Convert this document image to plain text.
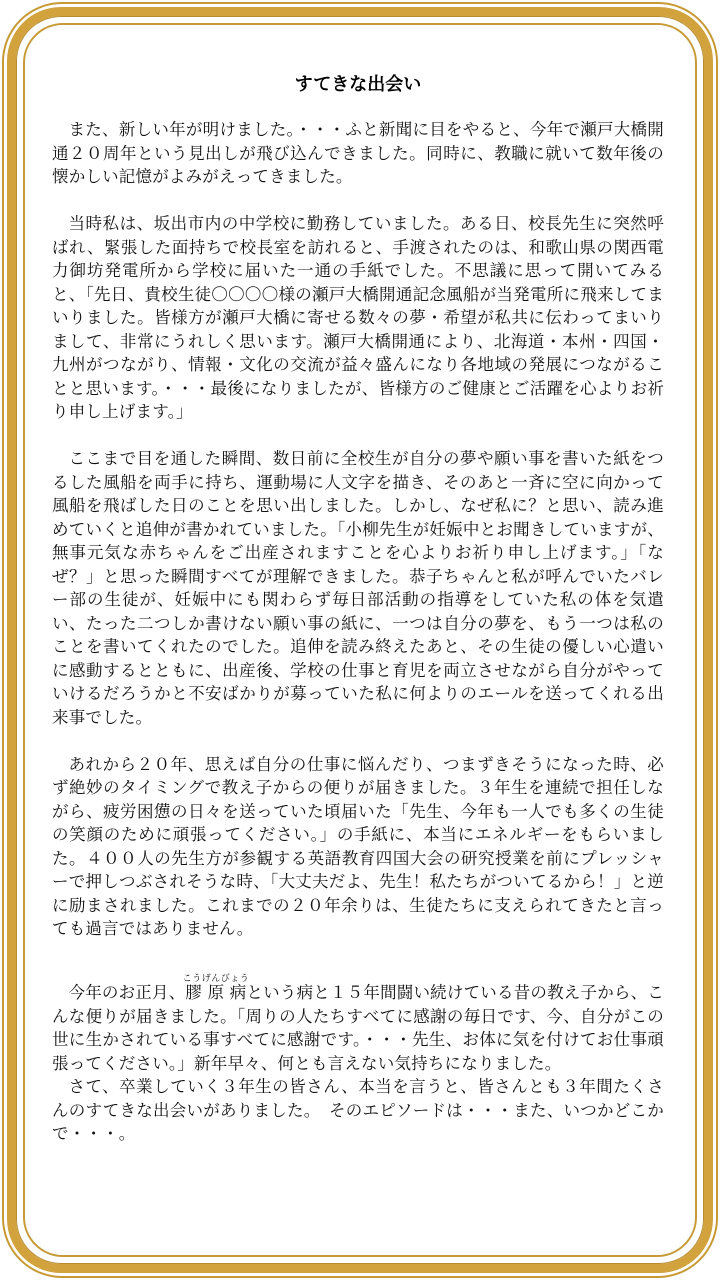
すてきな出会い

また、新しい年が明けました。・・・ふと新聞に目をやると、今年で瀬戸大橋開通２０周年という見出しが飛び込んできました。同時に、教職に就いて数年後の懐かしい記憶がよみがえってきました。

当時私は、坂出市内の中学校に勤務していました。ある日、校長先生に突然呼ばれ、緊張した面持ちで校長室を訪れると、手渡されたのは、和歌山県の関西電力御坊発電所から学校に届いた一通の手紙でした。不思議に思って開いてみると、「先日、貴校生徒〇〇〇〇様の瀬戸大橋開通記念風船が当発電所に飛来してまいりました。皆様方が瀬戸大橋に寄せる数々の夢・希望が私共に伝わってまいりまして、非常にうれしく思います。瀬戸大橋開通により、北海道・本州・四国・九州がつながり、情報・文化の交流が益々盛んになり各地域の発展につながることと思います。・・・最後になりましたが、皆様方のご健康とご活躍を心よりお祈り申し上げます。」

ここまで目を通した瞬間、数日前に全校生が自分の夢や願い事を書いた紙をつるした風船を両手に持ち、運動場に人文字を描き、そのあと一斉に空に向かって風船を飛ばした日のことを思い出しました。しかし、なぜ私に？と思い、読み進めていくと追伸が書かれていました。「小柳先生が妊娠中とお聞きしていますが、無事元気な赤ちゃんをご出産されますことを心よりお祈り申し上げます。」「なぜ？」と思った瞬間すべてが理解できました。恭子ちゃんと私が呼んでいたバレー部の生徒が、妊娠中にも関わらず毎日部活動の指導をしていた私の体を気遣い、たった二つしか書けない願い事の紙に、一つは自分の夢を、もう一つは私のことを書いてくれたのでした。追伸を読み終えたあと、その生徒の優しい心遣いに感動するとともに、出産後、学校の仕事と育児を両立させながら自分がやっていけるだろうかと不安ばかりが募っていた私に何よりのエールを送ってくれる出来事でした。

あれから２０年、思えば自分の仕事に悩んだり、つまずきそうになった時、必ず絶妙のタイミングで教え子からの便りが届きました。３年生を連続で担任しながら、疲労困憊の日々を送っていた頃届いた「先生、今年も一人でも多くの生徒の笑顔のために頑張ってください。」の手紙に、本当にエネルギーをもらいました。４００人の先生方が参観する英語教育四国大会の研究授業を前にプレッシャーで押しつぶされそうな時、「大丈夫だよ、先生！私たちがついてるから！」と逆に励まされました。これまでの２０年余りは、生徒たちに支えられてきたと言っても過言ではありません。

今年のお正月、膠原病こうげんびょうという病と１５年間闘い続けている昔の教え子から、こんな便りが届きました。「周りの人たちすべてに感謝の毎日です、今、自分がこの世に生かされている事すべてに感謝です。・・・先生、お体に気を付けてお仕事頑張ってください。」新年早々、何とも言えない気持ちになりました。

さて、卒業していく３年生の皆さん、本当を言うと、皆さんとも３年間たくさんのすてきな出会いがありました。　そのエピソードは・・・また、いつかどこかで・・・。
